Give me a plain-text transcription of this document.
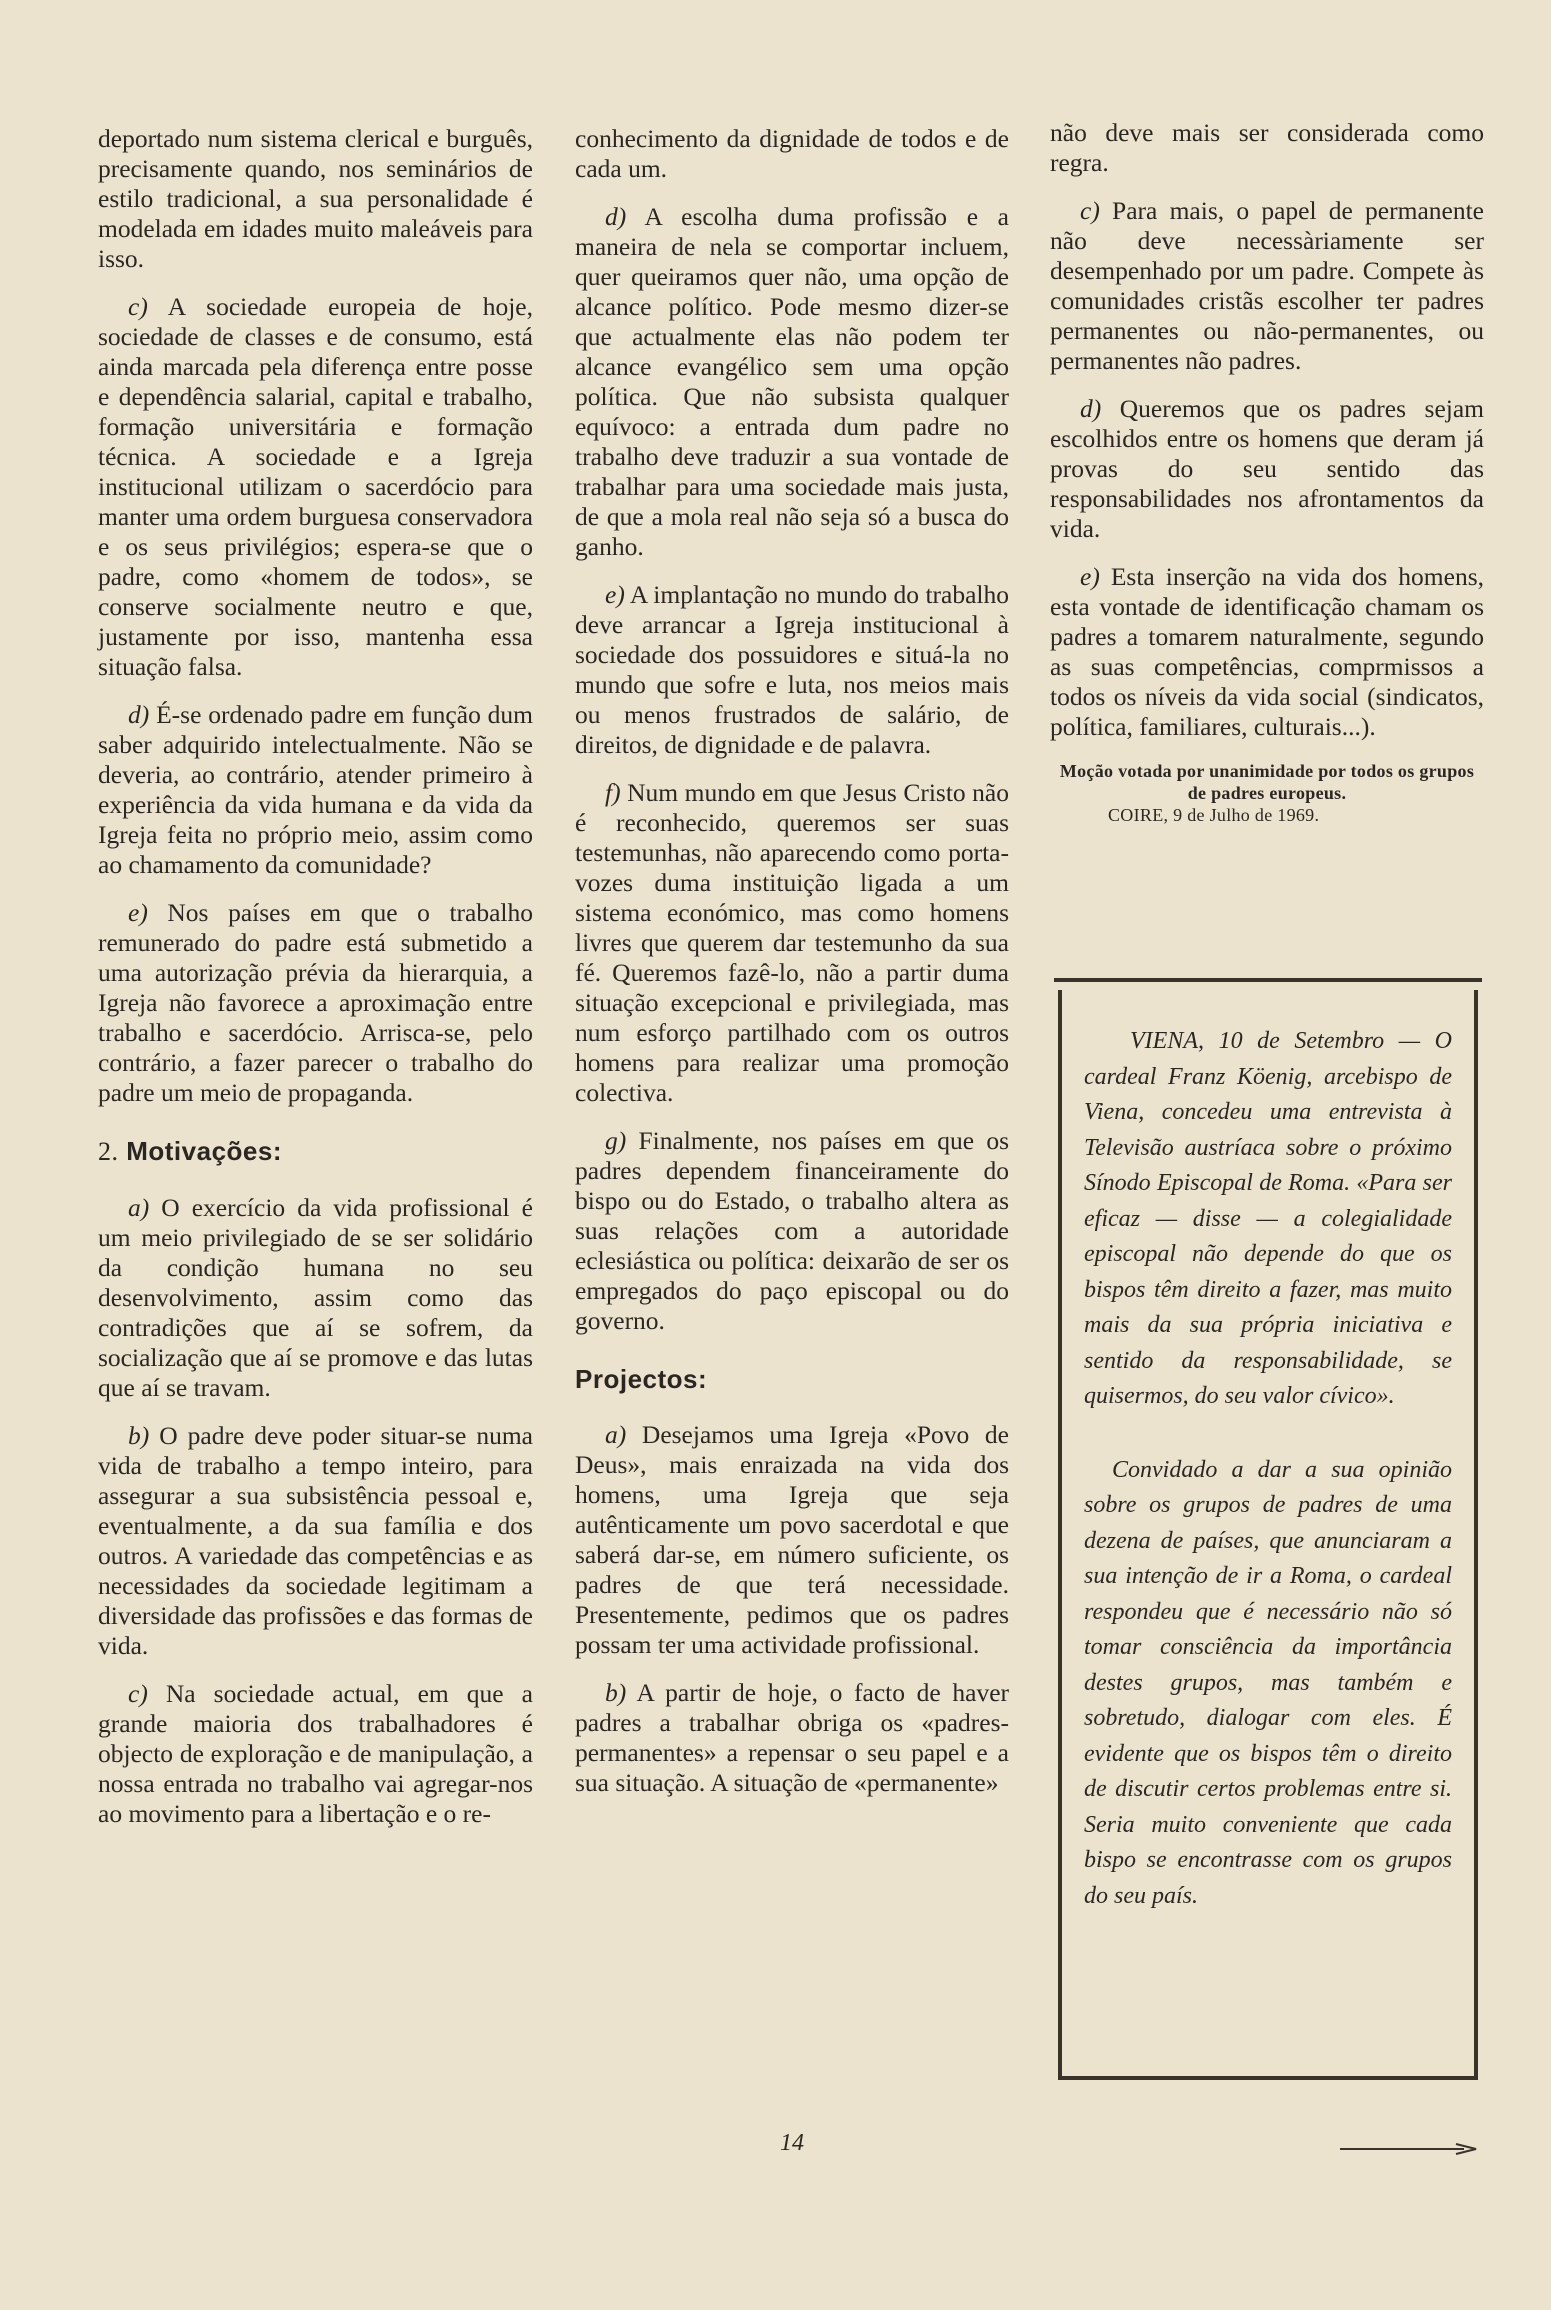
deportado num sistema clerical e burguês, precisamente quando, nos seminários de estilo tradicional, a sua personalidade é modelada em idades muito maleáveis para isso.

c) A sociedade europeia de hoje, sociedade de classes e de consumo, está ainda marcada pela diferença entre posse e dependência salarial, capital e trabalho, formação universitária e formação técnica. A sociedade e a Igreja institucional utilizam o sacerdócio para manter uma ordem burguesa conservadora e os seus privilégios; espera-se que o padre, como «homem de todos», se conserve socialmente neutro e que, justamente por isso, mantenha essa situação falsa.

d) É-se ordenado padre em função dum saber adquirido intelectualmente. Não se deveria, ao contrário, atender primeiro à experiência da vida humana e da vida da Igreja feita no próprio meio, assim como ao chamamento da comunidade?

e) Nos países em que o trabalho remunerado do padre está submetido a uma autorização prévia da hierarquia, a Igreja não favorece a aproximação entre trabalho e sacerdócio. Arrisca-se, pelo contrário, a fazer parecer o trabalho do padre um meio de propaganda.

2. Motivações:

a) O exercício da vida profissional é um meio privilegiado de se ser solidário da condição humana no seu desenvolvimento, assim como das contradições que aí se sofrem, da socialização que aí se promove e das lutas que aí se travam.

b) O padre deve poder situar-se numa vida de trabalho a tempo inteiro, para assegurar a sua subsistência pessoal e, eventualmente, a da sua família e dos outros. A variedade das competências e as necessidades da sociedade legitimam a diversidade das profissões e das formas de vida.

c) Na sociedade actual, em que a grande maioria dos trabalhadores é objecto de exploração e de manipulação, a nossa entrada no trabalho vai agregar-nos ao movimento para a libertação e o re-

conhecimento da dignidade de todos e de cada um.

d) A escolha duma profissão e a maneira de nela se comportar incluem, quer queiramos quer não, uma opção de alcance político. Pode mesmo dizer-se que actualmente elas não podem ter alcance evangélico sem uma opção política. Que não subsista qualquer equívoco: a entrada dum padre no trabalho deve traduzir a sua vontade de trabalhar para uma sociedade mais justa, de que a mola real não seja só a busca do ganho.

e) A implantação no mundo do trabalho deve arrancar a Igreja institucional à sociedade dos possuidores e situá-la no mundo que sofre e luta, nos meios mais ou menos frustrados de salário, de direitos, de dignidade e de palavra.

f) Num mundo em que Jesus Cristo não é reconhecido, queremos ser suas testemunhas, não aparecendo como porta-vozes duma instituição ligada a um sistema económico, mas como homens livres que querem dar testemunho da sua fé. Queremos fazê-lo, não a partir duma situação excepcional e privilegiada, mas num esforço partilhado com os outros homens para realizar uma promoção colectiva.

g) Finalmente, nos países em que os padres dependem financeiramente do bispo ou do Estado, o trabalho altera as suas relações com a autoridade eclesiástica ou política: deixarão de ser os empregados do paço episcopal ou do governo.

Projectos:

a) Desejamos uma Igreja «Povo de Deus», mais enraizada na vida dos homens, uma Igreja que seja autênticamente um povo sacerdotal e que saberá dar-se, em número suficiente, os padres de que terá necessidade. Presentemente, pedimos que os padres possam ter uma actividade profissional.

b) A partir de hoje, o facto de haver padres a trabalhar obriga os «padres-permanentes» a repensar o seu papel e a sua situação. A situação de «permanente»

não deve mais ser considerada como regra.

c) Para mais, o papel de permanente não deve necessàriamente ser desempenhado por um padre. Compete às comunidades cristãs escolher ter padres permanentes ou não-permanentes, ou permanentes não padres.

d) Queremos que os padres sejam escolhidos entre os homens que deram já provas do seu sentido das responsabilidades nos afrontamentos da vida.

e) Esta inserção na vida dos homens, esta vontade de identificação chamam os padres a tomarem naturalmente, segundo as suas competências, comprmissos a todos os níveis da vida social (sindicatos, política, familiares, culturais...).

Moção votada por unanimidade por todos os grupos de padres europeus.
COIRE, 9 de Julho de 1969.

VIENA, 10 de Setembro — O cardeal Franz Köenig, arcebispo de Viena, concedeu uma entrevista à Televisão austríaca sobre o próximo Sínodo Episcopal de Roma. «Para ser eficaz — disse — a colegialidade episcopal não depende do que os bispos têm direito a fazer, mas muito mais da sua própria iniciativa e sentido da responsabilidade, se quisermos, do seu valor cívico».

Convidado a dar a sua opinião sobre os grupos de padres de uma dezena de países, que anunciaram a sua intenção de ir a Roma, o cardeal respondeu que é necessário não só tomar consciência da importância destes grupos, mas também e sobretudo, dialogar com eles. É evidente que os bispos têm o direito de discutir certos problemas entre si. Seria muito conveniente que cada bispo se encontrasse com os grupos do seu país.

14
